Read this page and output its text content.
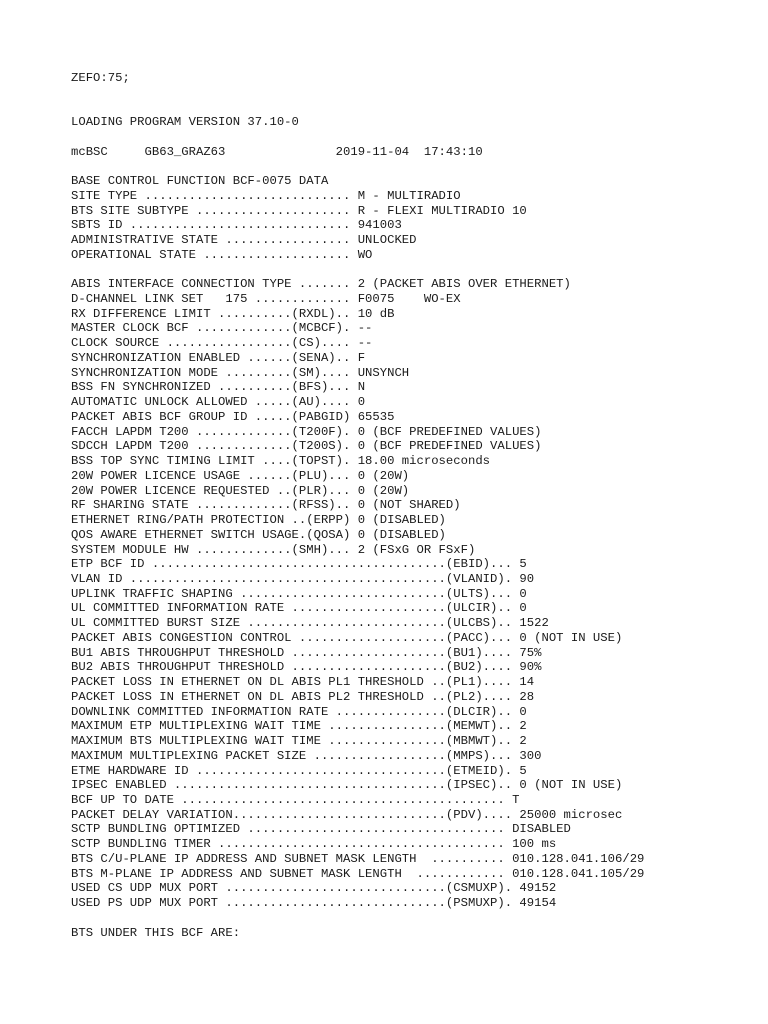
ZEFO:75;
LOADING PROGRAM VERSION 37.10-0
mcBSC     GB63_GRAZ63               2019-11-04  17:43:10
BASE CONTROL FUNCTION BCF-0075 DATA
SITE TYPE ............................ M - MULTIRADIO
BTS SITE SUBTYPE ..................... R - FLEXI MULTIRADIO 10
SBTS ID .............................. 941003
ADMINISTRATIVE STATE ................. UNLOCKED
OPERATIONAL STATE .................... WO
ABIS INTERFACE CONNECTION TYPE ....... 2 (PACKET ABIS OVER ETHERNET)
D-CHANNEL LINK SET   175 ............. F0075    WO-EX
RX DIFFERENCE LIMIT ..........(RXDL).. 10 dB
MASTER CLOCK BCF .............(MCBCF). --
CLOCK SOURCE .................(CS).... --
SYNCHRONIZATION ENABLED ......(SENA).. F
SYNCHRONIZATION MODE .........(SM).... UNSYNCH
BSS FN SYNCHRONIZED ..........(BFS)... N
AUTOMATIC UNLOCK ALLOWED .....(AU).... 0
PACKET ABIS BCF GROUP ID .....(PABGID) 65535
FACCH LAPDM T200 .............(T200F). 0 (BCF PREDEFINED VALUES)
SDCCH LAPDM T200 .............(T200S). 0 (BCF PREDEFINED VALUES)
BSS TOP SYNC TIMING LIMIT ....(TOPST). 18.00 microseconds
20W POWER LICENCE USAGE ......(PLU)... 0 (20W)
20W POWER LICENCE REQUESTED ..(PLR)... 0 (20W)
RF SHARING STATE .............(RFSS).. 0 (NOT SHARED)
ETHERNET RING/PATH PROTECTION ..(ERPP) 0 (DISABLED)
QOS AWARE ETHERNET SWITCH USAGE.(QOSA) 0 (DISABLED)
SYSTEM MODULE HW .............(SMH)... 2 (FSxG OR FSxF)
ETP BCF ID ........................................(EBID)... 5
VLAN ID ...........................................(VLANID). 90
UPLINK TRAFFIC SHAPING ............................(ULTS)... 0
UL COMMITTED INFORMATION RATE .....................(ULCIR).. 0
UL COMMITTED BURST SIZE ...........................(ULCBS).. 1522
PACKET ABIS CONGESTION CONTROL ....................(PACC)... 0 (NOT IN USE)
BU1 ABIS THROUGHPUT THRESHOLD .....................(BU1).... 75%
BU2 ABIS THROUGHPUT THRESHOLD .....................(BU2).... 90%
PACKET LOSS IN ETHERNET ON DL ABIS PL1 THRESHOLD ..(PL1).... 14
PACKET LOSS IN ETHERNET ON DL ABIS PL2 THRESHOLD ..(PL2).... 28
DOWNLINK COMMITTED INFORMATION RATE ...............(DLCIR).. 0
MAXIMUM ETP MULTIPLEXING WAIT TIME ................(MEMWT).. 2
MAXIMUM BTS MULTIPLEXING WAIT TIME ................(MBMWT).. 2
MAXIMUM MULTIPLEXING PACKET SIZE ..................(MMPS)... 300
ETME HARDWARE ID ..................................(ETMEID). 5
IPSEC ENABLED .....................................(IPSEC).. 0 (NOT IN USE)
BCF UP TO DATE ............................................ T
PACKET DELAY VARIATION.............................(PDV).... 25000 microsec
SCTP BUNDLING OPTIMIZED ................................... DISABLED
SCTP BUNDLING TIMER ....................................... 100 ms
BTS C/U-PLANE IP ADDRESS AND SUBNET MASK LENGTH  .......... 010.128.041.106/29
BTS M-PLANE IP ADDRESS AND SUBNET MASK LENGTH  ............ 010.128.041.105/29
USED CS UDP MUX PORT ..............................(CSMUXP). 49152
USED PS UDP MUX PORT ..............................(PSMUXP). 49154
BTS UNDER THIS BCF ARE:
